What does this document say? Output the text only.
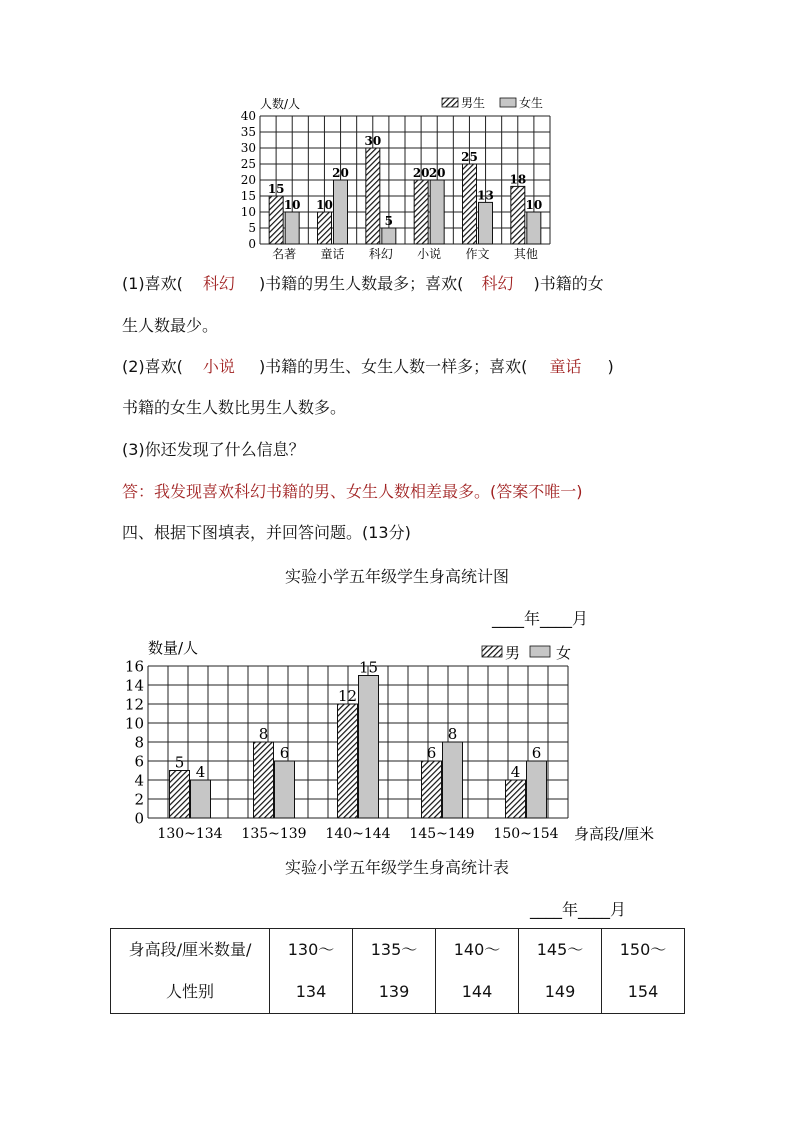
0
5
10
15
20
25
30
35
40
15
10 10
20
30
5
20 20
25
13
18
10
名著 童话 科幻 小说 作文 其他
人数/人	男生	女生
(1)喜欢( 科幻 )书籍的男生人数最多；喜欢( 科幻 )书籍的女
生人数最少。
(2)喜欢( 小说 )书籍的男生、女生人数一样多；喜欢( 童话 )
书籍的女生人数比男生人数多。
(3)你还发现了什么信息？
答：我发现喜欢科幻书籍的男、女生人数相差最多。(答案不唯一)
四、根据下图填表，并回答问题。(13分)
实验小学五年级学生身高统计图
____年____月
0
2
4
6
8
10
12
14
16
5
4
8
6
12
15
6
8
4
6
130~134 135~139 140~144 145~149 150~154
数量/人
身高段/厘米
男 女
实验小学五年级学生身高统计表
____年____月
身高段/厘米数量/
人性别

130～
134

135～
139

140～
144

145～
149

150～
154
